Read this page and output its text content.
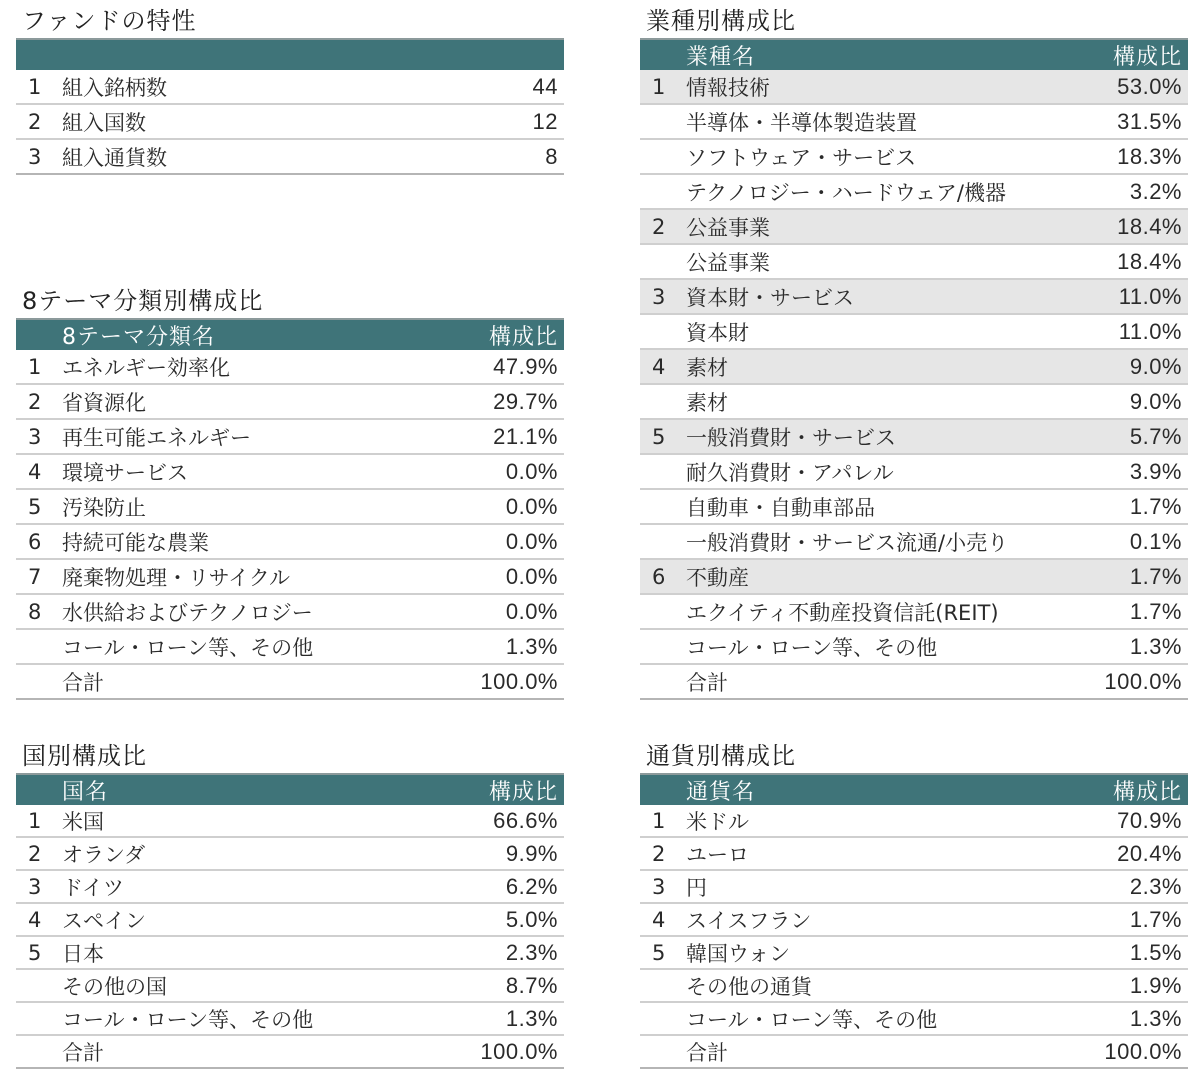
ファンドの特性
1 組入銘柄数	44
2 組入国数	12
3 組入通貨数	8
8テーマ分類別構成比
8テーマ分類名	構成比
1 エネルギー効率化	47.9%
2 省資源化	29.7%
3 再生可能エネルギー	21.1%
4 環境サービス	0.0%
5 汚染防止	0.0%
6 持続可能な農業	0.0%
7 廃棄物処理・リサイクル	0.0%
8 水供給およびテクノロジー	0.0%
コール・ローン等、その他	1.3%
合計	100.0%
国別構成比
国名	構成比
1 米国	66.6%
2 オランダ	9.9%
3 ドイツ	6.2%
4 スペイン	5.0%
5 日本	2.3%
その他の国	8.7%
コール・ローン等、その他	1.3%
合計	100.0%
業種別構成比
業種名	構成比
1 情報技術	53.0%
半導体・半導体製造装置	31.5%
ソフトウェア・サービス	18.3%
テクノロジー・ハードウェア/機器	3.2%
2 公益事業	18.4%
公益事業	18.4%
3 資本財・サービス	11.0%
資本財	11.0%
4 素材	9.0%
素材	9.0%
5 一般消費財・サービス	5.7%
耐久消費財・アパレル	3.9%
自動車・自動車部品	1.7%
一般消費財・サービス流通/小売り	0.1%
6 不動産	1.7%
エクイティ不動産投資信託(REIT)	1.7%
コール・ローン等、その他	1.3%
合計	100.0%
通貨別構成比
通貨名	構成比
1 米ドル	70.9%
2 ユーロ	20.4%
3 円	2.3%
4 スイスフラン	1.7%
5 韓国ウォン	1.5%
その他の通貨	1.9%
コール・ローン等、その他	1.3%
合計	100.0%
